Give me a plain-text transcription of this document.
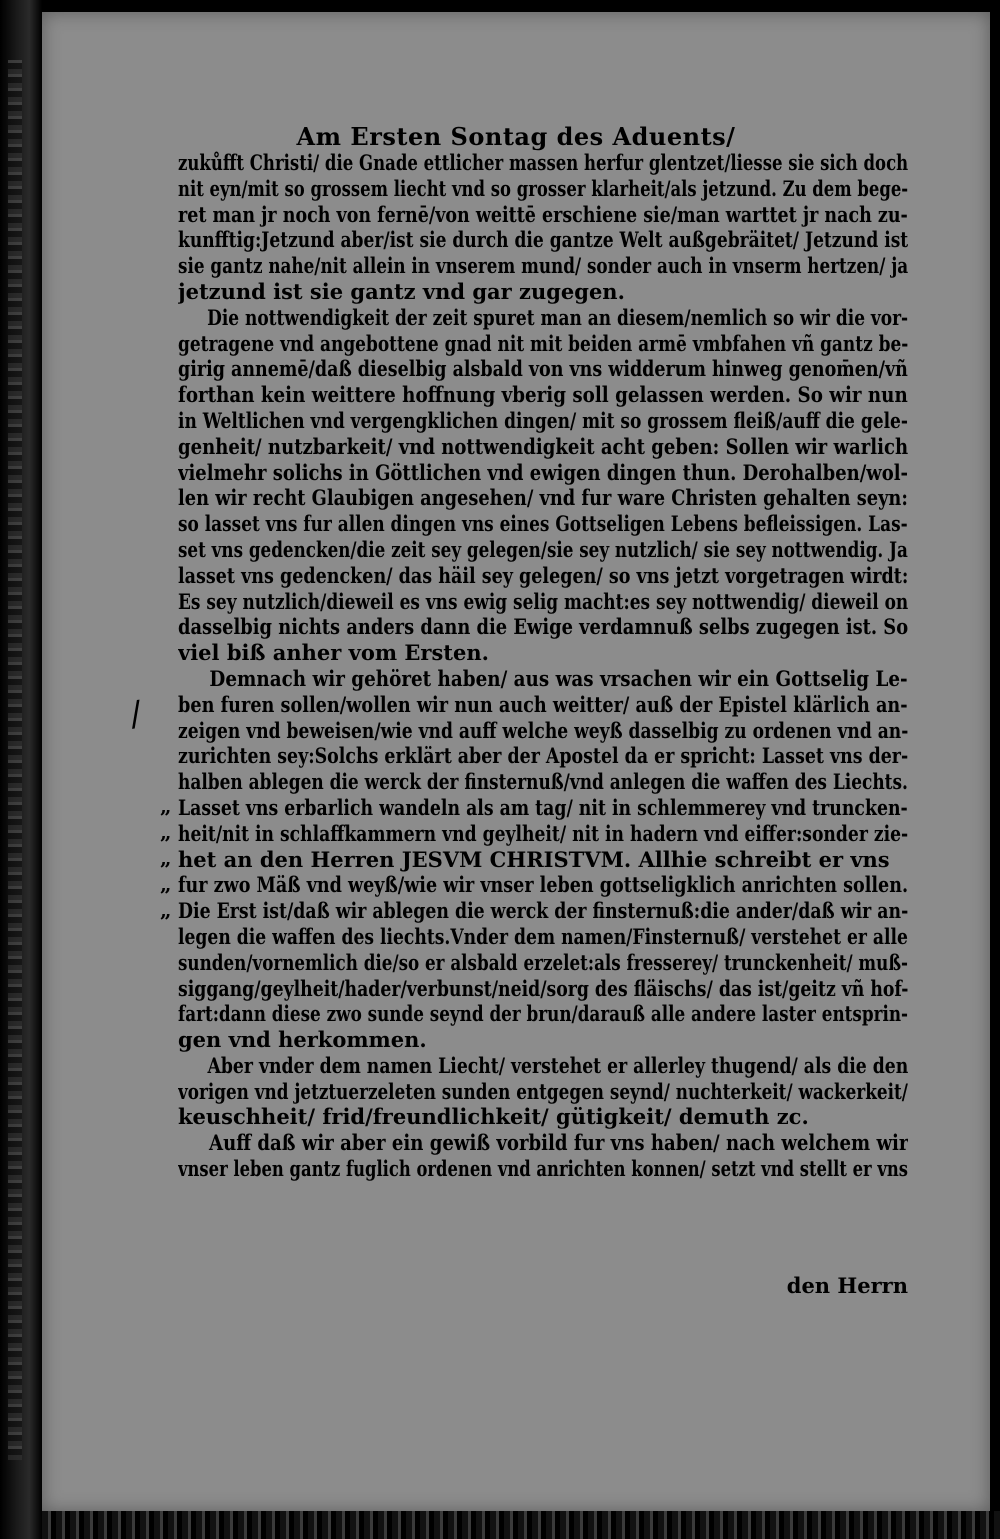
Am Ersten Sontag des Aduents/
zukůfft Christi/ die Gnade ettlicher massen herfur glentzet/liesse sie sich doch
nit eyn/mit so grossem liecht vnd so grosser klarheit/als jetzund. Zu dem bege-
ret man jr noch von fernē/von weittē erschiene sie/man warttet jr nach zu-
kunfftig:Jetzund aber/ist sie durch die gantze Welt außgebräitet/ Jetzund ist
sie gantz nahe/nit allein in vnserem mund/ sonder auch in vnserm hertzen/ ja
jetzund ist sie gantz vnd gar zugegen.
Die nottwendigkeit der zeit spuret man an diesem/nemlich so wir die vor-
getragene vnd angebottene gnad nit mit beiden armē vmbfahen vñ gantz be-
girig annemē/daß dieselbig alsbald von vns widderum hinweg genom̄en/vñ
forthan kein weittere hoffnung vberig soll gelassen werden. So wir nun
in Weltlichen vnd vergengklichen dingen/ mit so grossem fleiß/auff die gele-
genheit/ nutzbarkeit/ vnd nottwendigkeit acht geben: Sollen wir warlich
vielmehr solichs in Göttlichen vnd ewigen dingen thun. Derohalben/wol-
len wir recht Glaubigen angesehen/ vnd fur ware Christen gehalten seyn:
so lasset vns fur allen dingen vns eines Gottseligen Lebens befleissigen. Las-
set vns gedencken/die zeit sey gelegen/sie sey nutzlich/ sie sey nottwendig. Ja
lasset vns gedencken/ das häil sey gelegen/ so vns jetzt vorgetragen wirdt:
Es sey nutzlich/dieweil es vns ewig selig macht:es sey nottwendig/ dieweil on
dasselbig nichts anders dann die Ewige verdamnuß selbs zugegen ist. So
viel biß anher vom Ersten.
Demnach wir gehöret haben/ aus was vrsachen wir ein Gottselig Le-
ben furen sollen/wollen wir nun auch weitter/ auß der Epistel klärlich an-
zeigen vnd beweisen/wie vnd auff welche weyß dasselbig zu ordenen vnd an-
zurichten sey:Solchs erklärt aber der Apostel da er spricht: Lasset vns der-
halben ablegen die werck der finsternuß/vnd anlegen die waffen des Liechts.
Lasset vns erbarlich wandeln als am tag/ nit in schlemmerey vnd truncken-
heit/nit in schlaffkammern vnd geylheit/ nit in hadern vnd eiffer:sonder zie-
het an den Herren JESVM CHRISTVM. Allhie schreibt er vns
fur zwo Mäß vnd weyß/wie wir vnser leben gottseligklich anrichten sollen.
Die Erst ist/daß wir ablegen die werck der finsternuß:die ander/daß wir an-
legen die waffen des liechts.Vnder dem namen/Finsternuß/ verstehet er alle
sunden/vornemlich die/so er alsbald erzelet:als fresserey/ trunckenheit/ muß-
siggang/geylheit/hader/verbunst/neid/sorg des fläischs/ das ist/geitz vñ hof-
fart:dann diese zwo sunde seynd der brun/darauß alle andere laster entsprin-
gen vnd herkommen.
Aber vnder dem namen Liecht/ verstehet er allerley thugend/ als die den
vorigen vnd jetztuerzeleten sunden entgegen seynd/ nuchterkeit/ wackerkeit/
keuschheit/ frid/freundlichkeit/ gütigkeit/ demuth zc.
Auff daß wir aber ein gewiß vorbild fur vns haben/ nach welchem wir
vnser leben gantz fuglich ordenen vnd anrichten konnen/ setzt vnd stellt er vns
/
„
„
„
„
„
den Herrn
